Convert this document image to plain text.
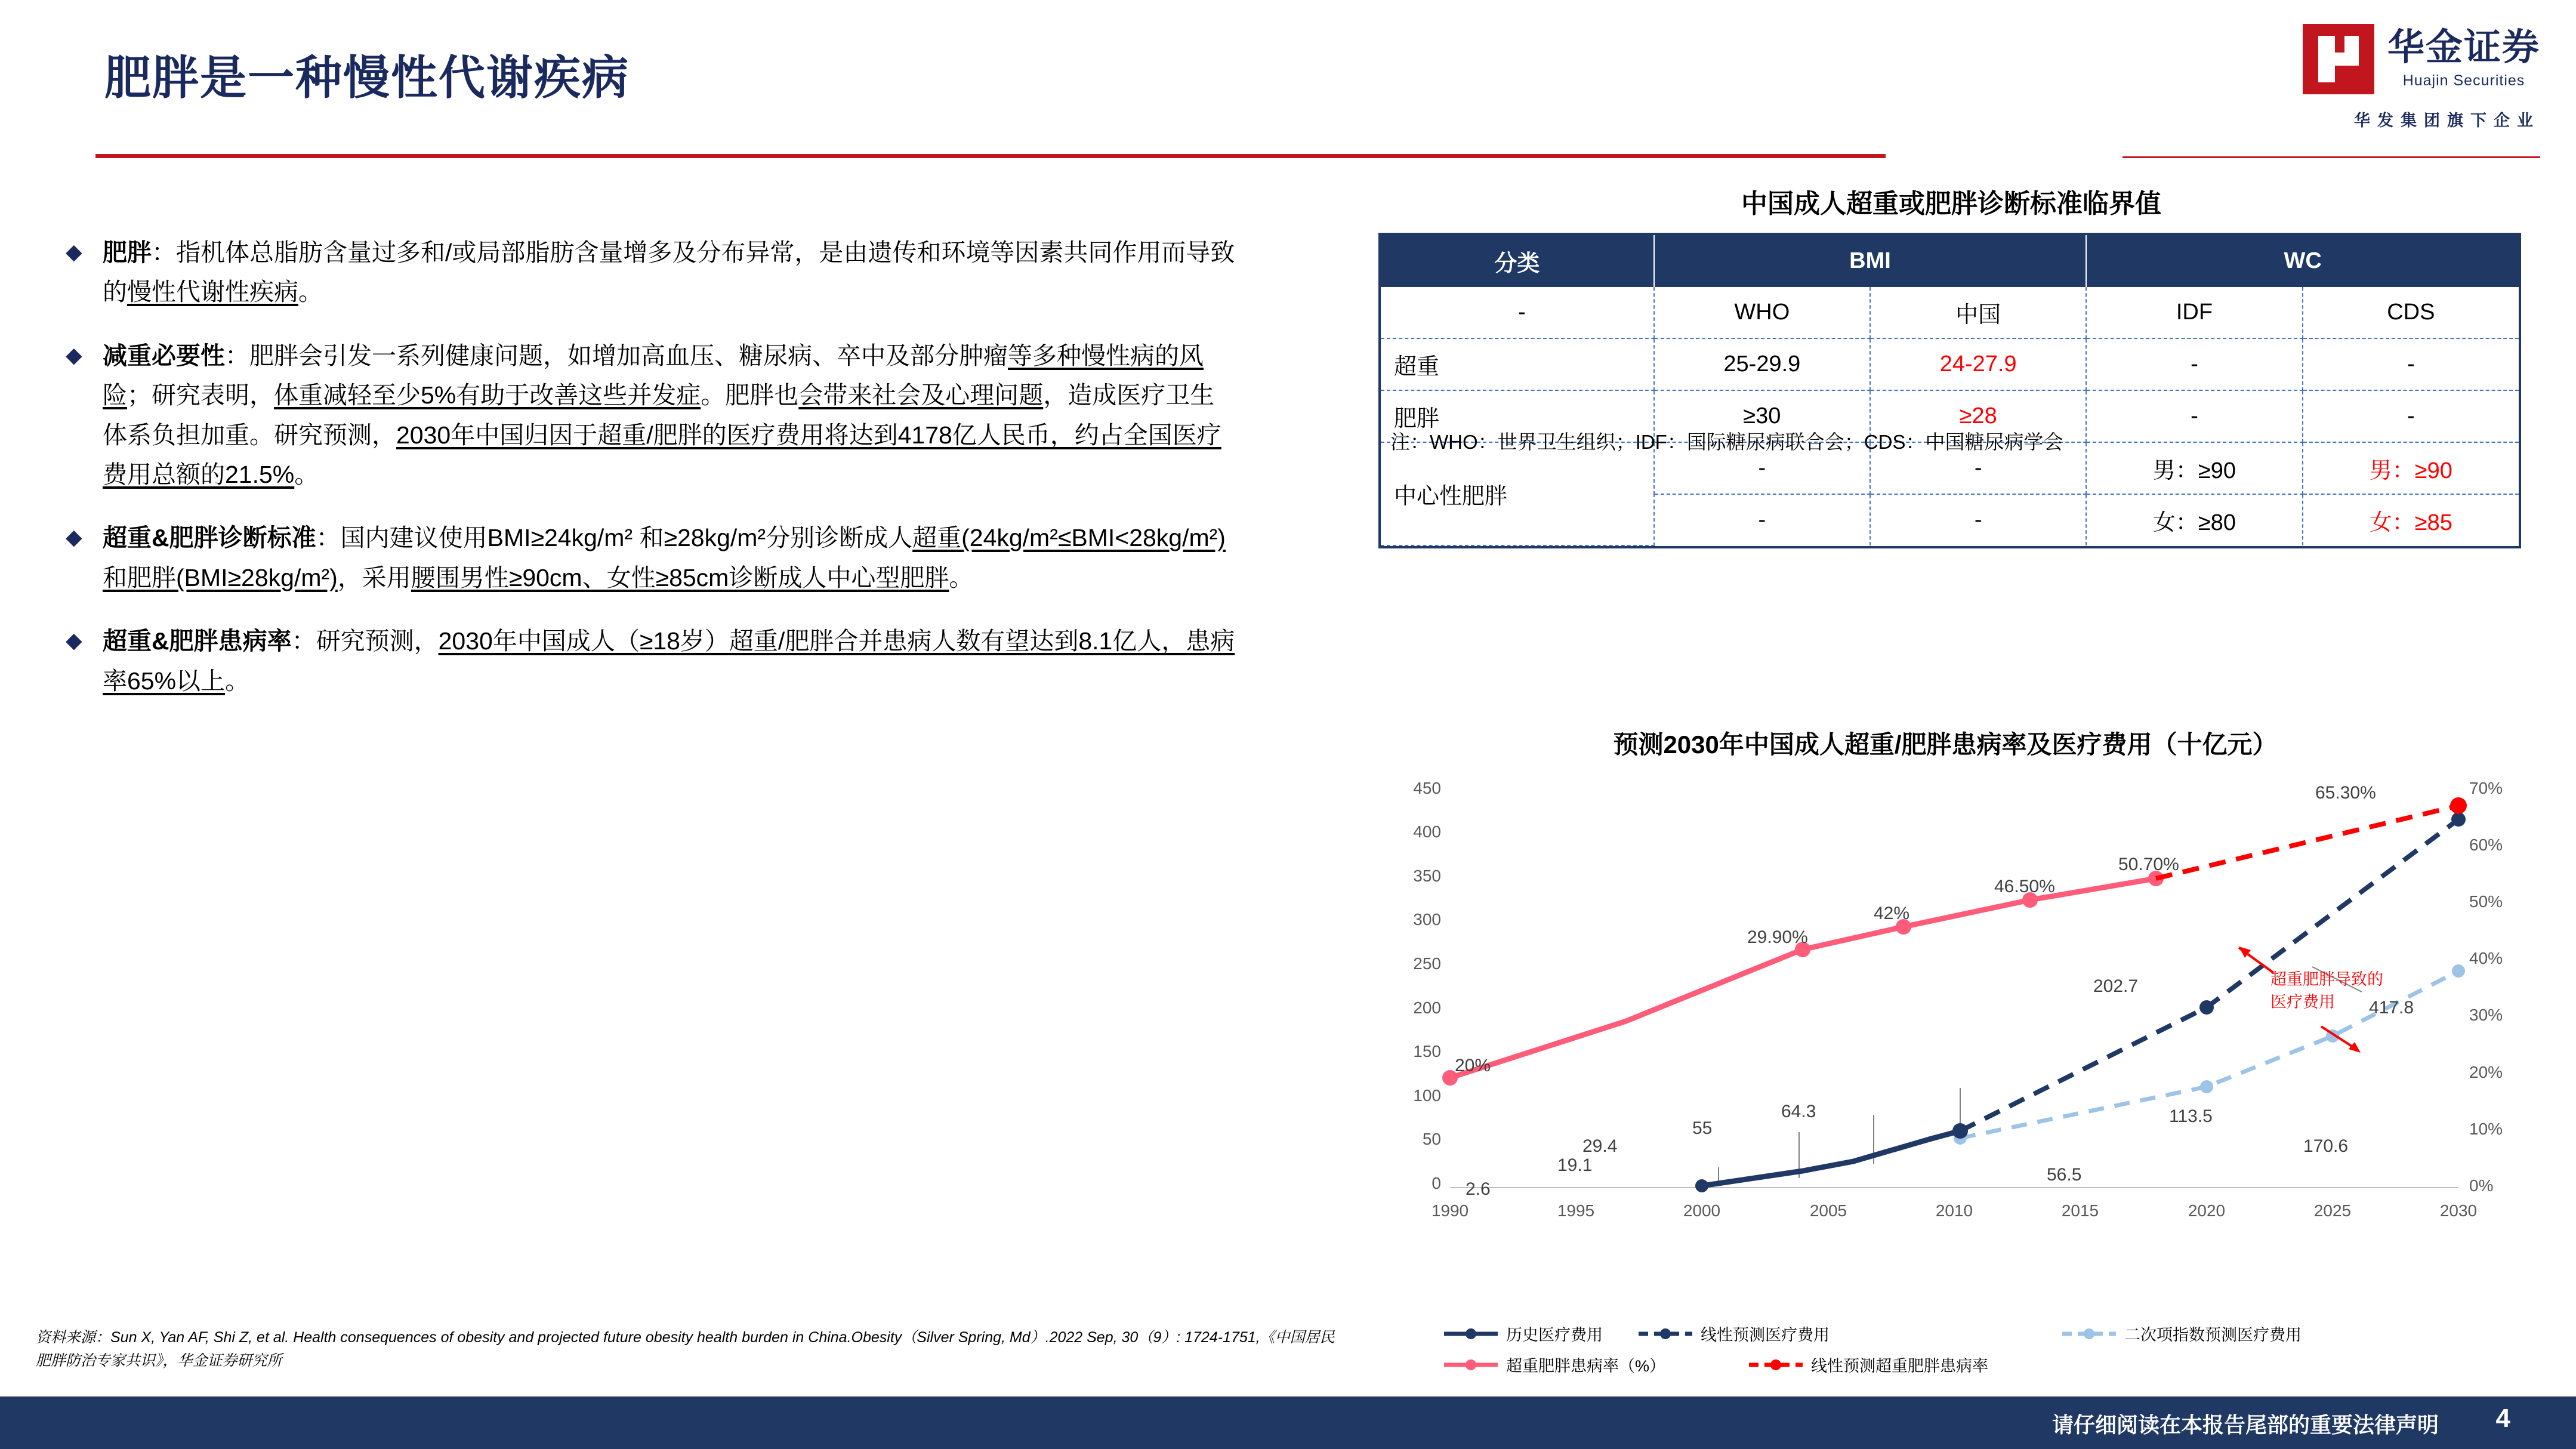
华金证券
Huajin Securities
华发集团旗下企业
肥胖是一种慢性代谢疾病
◆ 肥胖：指机体总脂肪含量过多和/或局部脂肪含量增多及分布异常，是由遗传和环境等因素共同作用而导致的慢性代谢性疾病。
◆ 减重必要性：肥胖会引发一系列健康问题，如增加高血压、糖尿病、卒中及部分肿瘤等多种慢性病的风险；研究表明，体重减轻至少5%有助于改善这些并发症。肥胖也会带来社会及心理问题，造成医疗卫生体系负担加重。研究预测，2030年中国归因于超重/肥胖的医疗费用将达到4178亿人民币，约占全国医疗费用总额的21.5%。
◆ 超重&肥胖诊断标准：国内建议使用BMI≥24kg/m² 和≥28kg/m²分别诊断成人超重(24kg/m²≤BMI<28kg/m²)和肥胖(BMI≥28kg/m²)，采用腰围男性≥90cm、女性≥85cm诊断成人中心型肥胖。
◆ 超重&肥胖患病率：研究预测，2030年中国成人（≥18岁）超重/肥胖合并患病人数有望达到8.1亿人，患病率65%以上。
中国成人超重或肥胖诊断标准临界值
分类	BMI		WC	
-	WHO	中国	IDF	CDS
超重	25-29.9	24-27.9	-	-
肥胖	≥30	≥28	-	-
中心性肥胖	-	-	男：≥90	男：≥90
	-	-	女：≥80	女：≥85
注：WHO：世界卫生组织；IDF：国际糖尿病联合会；CDS：中国糖尿病学会
预测2030年中国成人超重/肥胖患病率及医疗费用（十亿元）
450
400
350
300
250
200
150
100
50
0
70%
60%
50%
40%
30%
20%
10%
0%
1990	1995	2000	2005	2010	2015	2020	2025	2030
20%
29.90%
42%
46.50%
50.70%
65.30%
2.6
19.1
29.4
55
64.3
202.7
417.8
56.5
113.5
170.6
超重肥胖导致的
医疗费用
历史医疗费用	线性预测医疗费用	二次项指数预测医疗费用
超重肥胖患病率（%）	线性预测超重肥胖患病率
资料来源：Sun X, Yan AF, Shi Z, et al. Health consequences of obesity and projected future obesity health burden in China.Obesity（Silver Spring, Md）.2022 Sep, 30（9）: 1724-1751,《中国居民肥胖防治专家共识》，华金证券研究所
请仔细阅读在本报告尾部的重要法律声明 4
